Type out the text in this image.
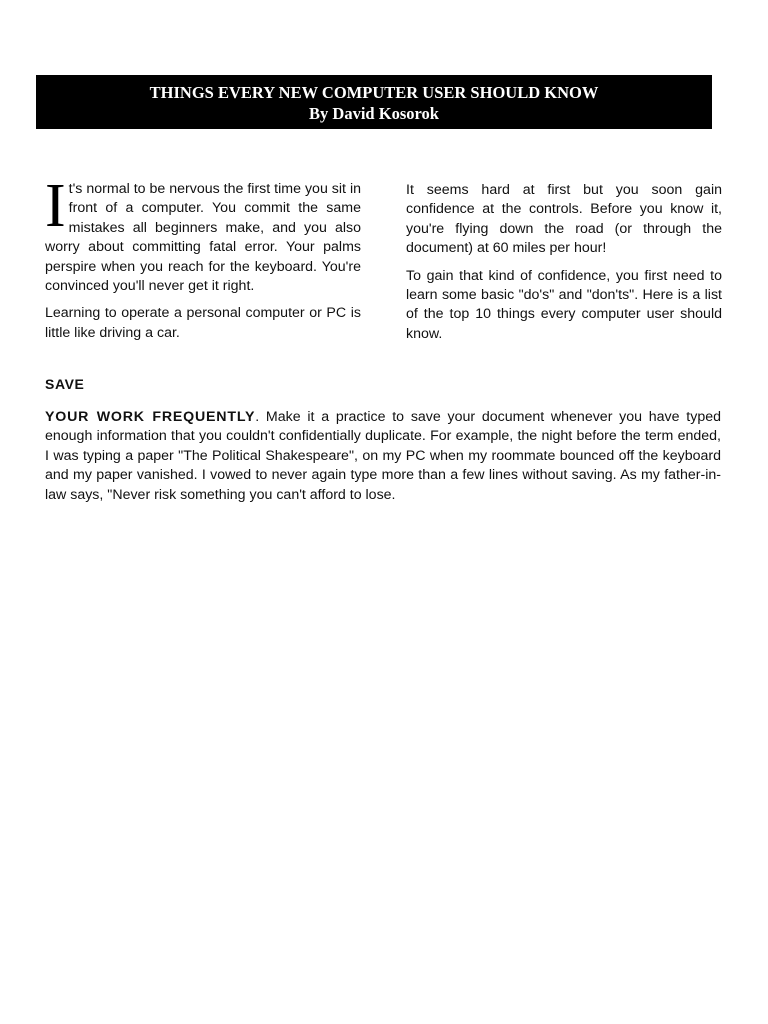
THINGS EVERY NEW COMPUTER USER SHOULD KNOW
By David Kosorok

It's normal to be nervous the first time you sit in front of a computer. You commit the same mistakes all beginners make, and you also worry about committing fatal error. Your palms perspire when you reach for the keyboard. You're convinced you'll never get it right.

Learning to operate a personal computer or PC is little like driving a car.

It seems hard at first but you soon gain confidence at the controls. Before you know it, you're flying down the road (or through the document) at 60 miles per hour!

To gain that kind of confidence, you first need to learn some basic "do's" and "don'ts". Here is a list of the top 10 things every computer user should know.

SAVE

YOUR WORK FREQUENTLY. Make it a practice to save your document whenever you have typed enough information that you couldn't confidentially duplicate. For example, the night before the term ended, I was typing a paper "The Political Shakespeare", on my PC when my roommate bounced off the keyboard and my paper vanished. I vowed to never again type more than a few lines without saving. As my father-in-law says, "Never risk something you can't afford to lose.
